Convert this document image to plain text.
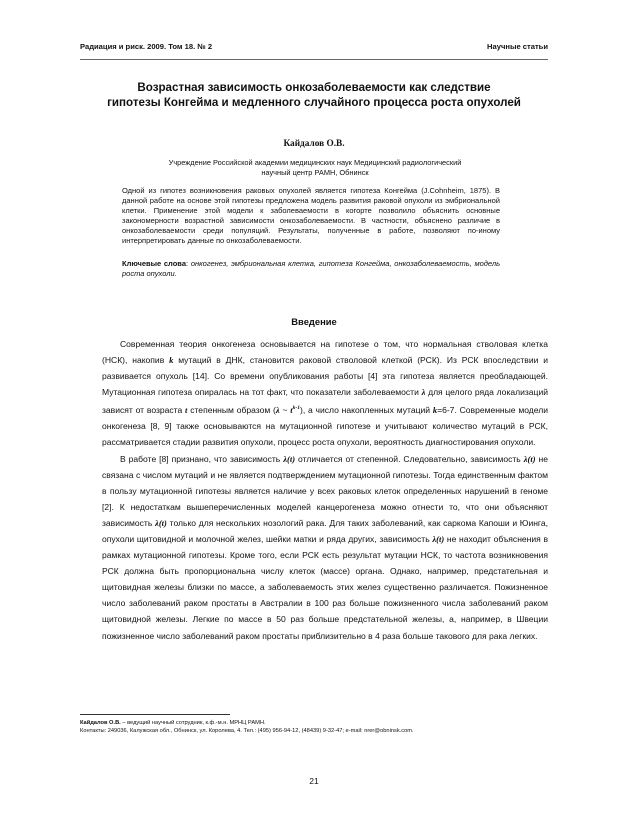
Радиация и риск. 2009. Том 18. № 2	Научные статьи
Возрастная зависимость онкозаболеваемости как следствие
гипотезы Конгейма и медленного случайного процесса роста опухолей
Кайдалов О.В.
Учреждение Российской академии медицинских наук Медицинский радиологический
научный центр РАМН, Обнинск
Одной из гипотез возникновения раковых опухолей является гипотеза Конгейма (J.Cohnheim, 1875). В данной работе на основе этой гипотезы предложена модель развития раковой опухоли из эмбриональной клетки. Применение этой модели к заболеваемости в когорте позволило объяснить основные закономерности возрастной зависимости онкозаболеваемости. В частности, объяснено различие в онкозаболеваемости среди популяций. Результаты, полученные в работе, позволяют по-иному интерпретировать данные по онкозаболеваемости.
Ключевые слова: онкогенез, эмбриональная клетка, гипотеза Конгейма, онкозаболеваемость, модель роста опухоли.
Введение

Современная теория онкогенеза основывается на гипотезе о том, что нормальная стволовая клетка (НСК), накопив k мутаций в ДНК, становится раковой стволовой клеткой (РСК). Из РСК впоследствии и развивается опухоль [14]. Со времени опубликования работы [4] эта гипотеза является преобладающей. Мутационная гипотеза опиралась на тот факт, что показатели заболеваемости λ для целого ряда локализаций зависят от возраста t степенным образом (λ ~ $t^{k-1}$), а число накопленных мутаций k=6-7. Современные модели онкогенеза [8, 9] также основываются на мутационной гипотезе и учитывают количество мутаций в РСК, рассматривается стадии развития опухоли, процесс роста опухоли, вероятность диагностирования опухоли.

В работе [8] признано, что зависимость λ(t) отличается от степенной. Следовательно, зависимость λ(t) не связана с числом мутаций и не является подтверждением мутационной гипотезы. Тогда единственным фактом в пользу мутационной гипотезы является наличие у всех раковых клеток определенных нарушений в геноме [2]. К недостаткам вышеперечисленных моделей канцерогенеза можно отнести то, что они объясняют зависимость λ(t) только для нескольких нозологий рака. Для таких заболеваний, как саркома Капоши и Юинга, опухоли щитовидной и молочной желез, шейки матки и ряда других, зависимость λ(t) не находит объяснения в рамках мутационной гипотезы. Кроме того, если РСК есть результат мутации НСК, то частота возникновения РСК должна быть пропорциональна числу клеток (массе) органа. Однако, например, предстательная и щитовидная железы близки по массе, а заболеваемость этих желез существенно различается. Пожизненное число заболеваний раком простаты в Австралии в 100 раз больше пожизненного числа заболеваний раком щитовидной железы. Легкие по массе в 50 раз больше предстательной железы, а, например, в Швеции пожизненное число заболеваний раком простаты приблизительно в 4 раза больше такового для рака легких.

Кайдалов О.В. – ведущий научный сотрудник, к.ф.-м.н. МРНЦ РАМН.
Контакты: 249036, Калужская обл., Обнинск, ул. Королева, 4. Тел.: (495) 956-94-12, (48439) 9-32-47; e-mail: nrer@obninsk.com.
21
